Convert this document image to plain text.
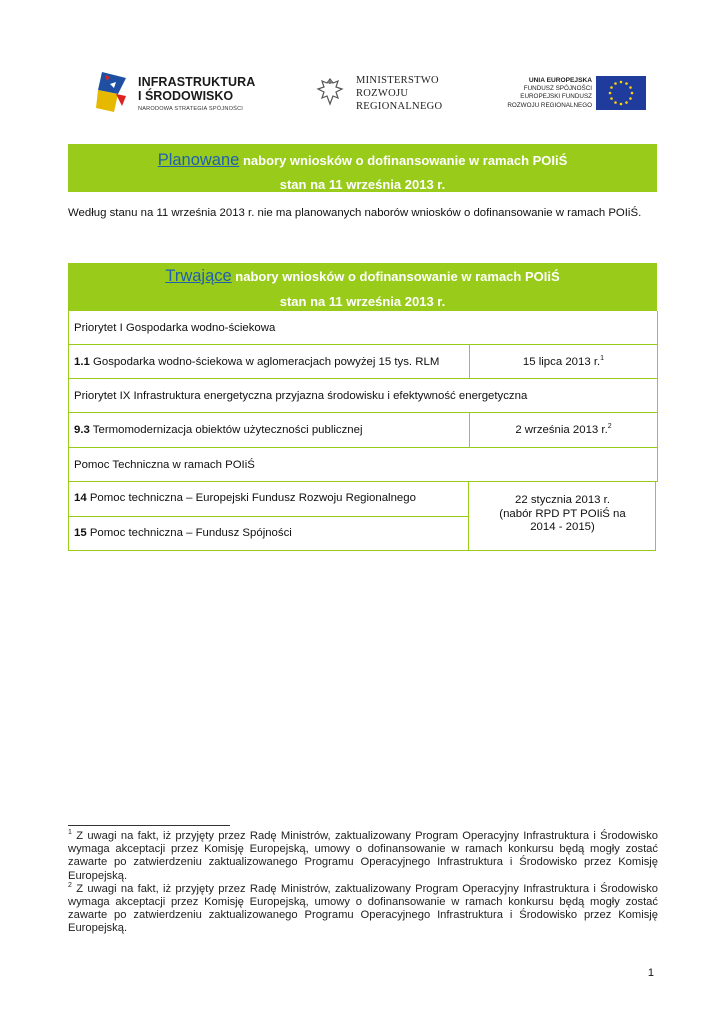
INFRASTRUKTURA
I ŚRODOWISKO
NARODOWA STRATEGIA SPÓJNOŚCI
MINISTERSTWO
ROZWOJU
REGIONALNEGO
UNIA EUROPEJSKA
FUNDUSZ SPÓJNOŚCI
EUROPEJSKI FUNDUSZ
ROZWOJU REGIONALNEGO
Planowane nabory wniosków o dofinansowanie w ramach POIiŚ
stan na 11 września 2013 r.
Według stanu na 11 września 2013 r. nie ma planowanych naborów wniosków o dofinansowanie w ramach POIiŚ.
Trwające nabory wniosków o dofinansowanie w ramach POIiŚ
stan na 11 września 2013 r.
Priorytet I Gospodarka wodno-ściekowa
1.1 Gospodarka wodno-ściekowa w aglomeracjach powyżej 15 tys. RLM	15 lipca 2013 r.$^1$
Priorytet IX Infrastruktura energetyczna przyjazna środowisku i efektywność energetyczna
9.3 Termomodernizacja obiektów użyteczności publicznej	2 września 2013 r.$^2$
Pomoc Techniczna w ramach POIiŚ
14 Pomoc techniczna – Europejski Fundusz Rozwoju Regionalnego
15 Pomoc techniczna – Fundusz Spójności
22 stycznia 2013 r.
(nabór RPD PT POIiŚ na
2014 - 2015)

$^1$ Z uwagi na fakt, iż przyjęty przez Radę Ministrów, zaktualizowany Program Operacyjny Infrastruktura i Środowisko wymaga akceptacji przez Komisję Europejską, umowy o dofinansowanie w ramach konkursu będą mogły zostać zawarte po zatwierdzeniu zaktualizowanego Programu Operacyjnego Infrastruktura i Środowisko przez Komisję Europejską.

$^2$ Z uwagi na fakt, iż przyjęty przez Radę Ministrów, zaktualizowany Program Operacyjny Infrastruktura i Środowisko wymaga akceptacji przez Komisję Europejską, umowy o dofinansowanie w ramach konkursu będą mogły zostać zawarte po zatwierdzeniu zaktualizowanego Programu Operacyjnego Infrastruktura i Środowisko przez Komisję Europejską.

1
